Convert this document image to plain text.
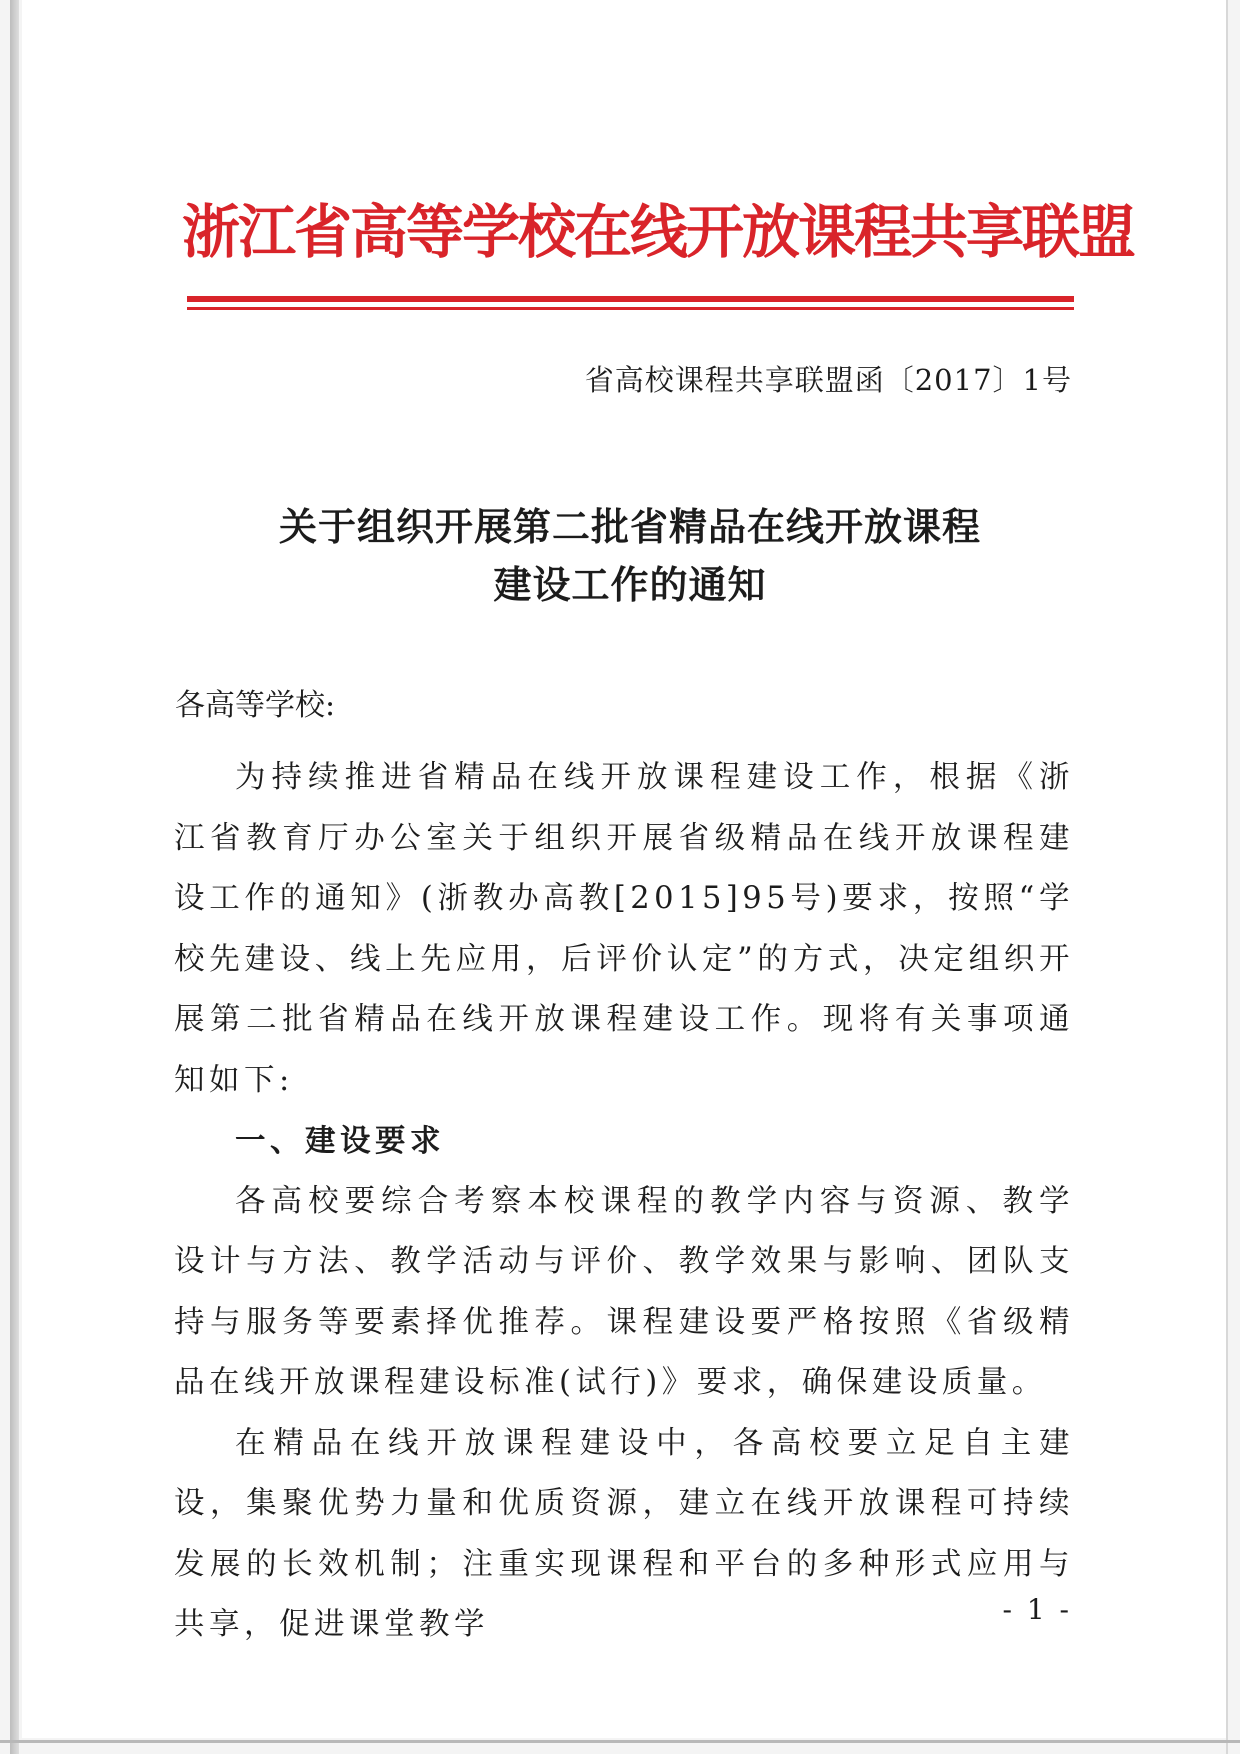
浙江省高等学校在线开放课程共享联盟
省高校课程共享联盟函〔2017〕1号
关于组织开展第二批省精品在线开放课程
建设工作的通知
各高等学校:

为持续推进省精品在线开放课程建设工作，根据《浙江省教育厅办公室关于组织开展省级精品在线开放课程建设工作的通知》(浙教办高教[2015]95号)要求，按照“学校先建设、线上先应用，后评价认定”的方式，决定组织开展第二批省精品在线开放课程建设工作。现将有关事项通知如下:

一、建设要求

各高校要综合考察本校课程的教学内容与资源、教学设计与方法、教学活动与评价、教学效果与影响、团队支持与服务等要素择优推荐。课程建设要严格按照《省级精品在线开放课程建设标准(试行)》要求，确保建设质量。

在精品在线开放课程建设中，各高校要立足自主建设，集聚优势力量和优质资源，建立在线开放课程可持续发展的长效机制；注重实现课程和平台的多种形式应用与共享，促进课堂教学	- 1 -
